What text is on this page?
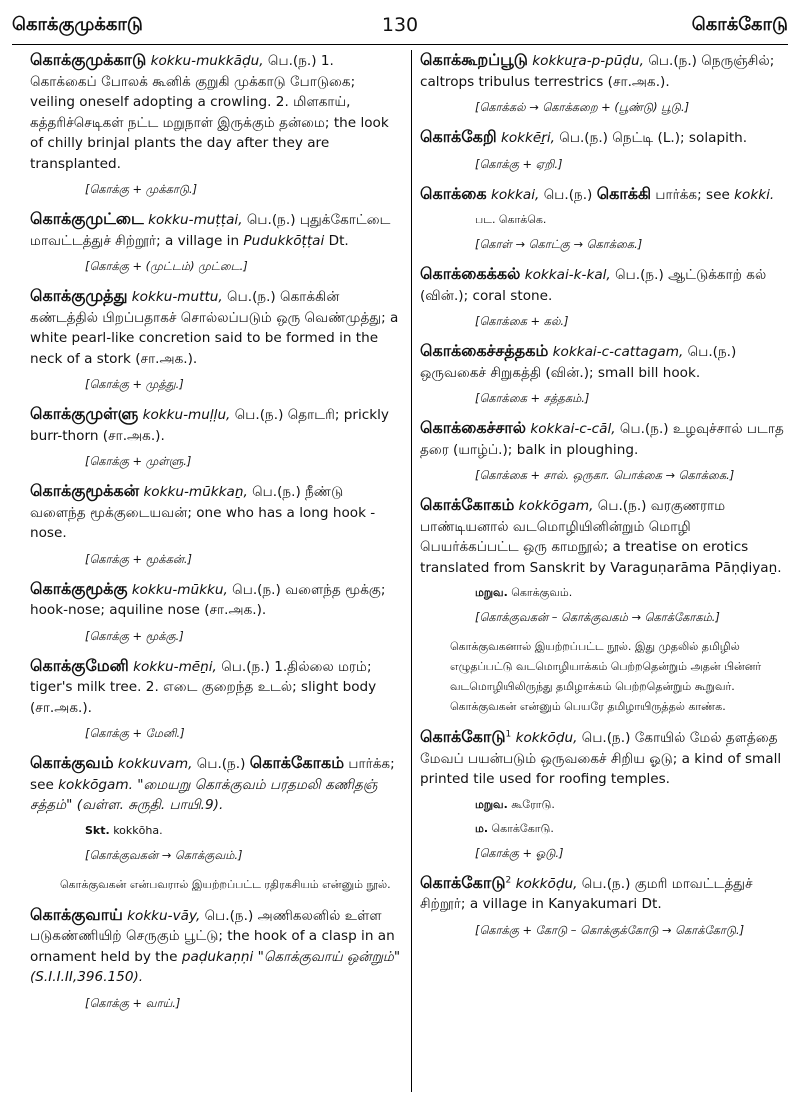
கொக்குமுக்காடு	130	கொக்கோடு
கொக்குமுக்காடு kokku-mukkāḍu, பெ.(ந.) 1. கொக்கைப் போலக் கூனிக் குறுகி முக்காடு போடுகை; veiling oneself adopting a crowling. 2. மிளகாய், கத்தரிச்செடிகள் நட்ட மறுநாள் இருக்கும் தன்மை; the look of chilly brinjal plants the day after they are transplanted.
[கொக்கு + முக்காடு.]
கொக்குமுட்டை kokku-muṭṭai, பெ.(ந.) புதுக்கோட்டை மாவட்டத்துச் சிற்றூர்; a village in Pudukkōṭṭai Dt.
[கொக்கு + (முட்டம்) முட்டை.]
கொக்குமுத்து kokku-muttu, பெ.(ந.) கொக்கின் கண்டத்தில் பிறப்பதாகச் சொல்லப்படும் ஒரு வெண்முத்து; a white pearl-like concretion said to be formed in the neck of a stork (சா.அக.).
[கொக்கு + முத்து.]
கொக்குமுள்ளு kokku-muḷḷu, பெ.(ந.) தொடரி; prickly burr-thorn (சா.அக.).
[கொக்கு + முள்ளு.]
கொக்குமூக்கன் kokku-mūkkaṉ, பெ.(ந.) நீண்டு வளைந்த மூக்குடையவன்; one who has a long hook - nose.
[கொக்கு + மூக்கன்.]
கொக்குமூக்கு kokku-mūkku, பெ.(ந.) வளைந்த மூக்கு; hook-nose; aquiline nose (சா.அக.).
[கொக்கு + மூக்கு.]
கொக்குமேனி kokku-mēṉi, பெ.(ந.) 1.தில்லை மரம்; tiger's milk tree. 2. எடை குறைந்த உடல்; slight body (சா.அக.).
[கொக்கு + மேனி.]
கொக்குவம் kokkuvam, பெ.(ந.) கொக்கோகம் பார்க்க; see kokkōgam. "மையறு கொக்குவம் பரதமலி கணிதஞ் சத்தம்" (வள்ள. சுருதி. பாயி.9).
Skt. kokkōha.
[கொக்குவகன் → கொக்குவம்.]
கொக்குவகன் என்பவரால் இயற்றப்பட்ட ரதிரகசியம் என்னும் நூல்.
கொக்குவாய் kokku-vāy, பெ.(ந.) அணிகலனில் உள்ள படுகண்ணியிற் செருகும் பூட்டு; the hook of a clasp in an ornament held by the paḍukaṇṇi "கொக்குவாய் ஒன்றும்" (S.I.I.II,396.150).
[கொக்கு + வாய்.]
கொக்கூறப்பூடு kokkuṟa-p-pūḍu, பெ.(ந.) நெருஞ்சில்; caltrops tribulus terrestrics (சா.அக.).
[கொக்கல் → கொக்கறை + (பூண்டு) பூடு.]
கொக்கேறி kokkēṟi, பெ.(ந.) நெட்டி (L.); solapith.
[கொக்கு + ஏறி.]
கொக்கை kokkai, பெ.(ந.) கொக்கி பார்க்க; see kokki.
பட. கொக்கெ.
[கொள் → கொட்கு → கொக்கை.]
கொக்கைக்கல் kokkai-k-kal, பெ.(ந.) ஆட்டுக்காற் கல் (வின்.); coral stone.
[கொக்கை + கல்.]
கொக்கைச்சத்தகம் kokkai-c-cattagam, பெ.(ந.) ஒருவகைச் சிறுகத்தி (வின்.); small bill hook.
[கொக்கை + சத்தகம்.]
கொக்கைச்சால் kokkai-c-cāl, பெ.(ந.) உழவுச்சால் படாத தரை (யாழ்ப்.); balk in ploughing.
[கொக்கை + சால். ஒருகா. பொக்கை → கொக்கை.]
கொக்கோகம் kokkōgam, பெ.(ந.) வரகுணராம பாண்டியனால் வடமொழியினின்றும் மொழி பெயர்க்கப்பட்ட ஒரு காமநூல்; a treatise on erotics translated from Sanskrit by Varaguṇarāma Pāṇḍiyaṉ.
மறுவ. கொக்குவம்.
[கொக்குவகன் – கொக்குவகம் → கொக்கோகம்.]
கொக்குவகனால் இயற்றப்பட்ட நூல். இது முதலில் தமிழில் எழுதப்பட்டு வடமொழியாக்கம் பெற்றதென்றும் அதன் பின்னர் வடமொழியிலிருந்து தமிழாக்கம் பெற்றதென்றும் கூறுவர். கொக்குவகன் என்னும் பெயரே தமிழாயிருத்தல் காண்க.
கொக்கோடு$^1$ kokkōḍu, பெ.(ந.) கோயில் மேல் தளத்தை மேவப் பயன்படும் ஒருவகைச் சிறிய ஓடு; a kind of small printed tile used for roofing temples.
மறுவ. கூரோடு.
ம. கொக்கோடு.
[கொக்கு + ஓடு.]
கொக்கோடு$^2$ kokkōḍu, பெ.(ந.) குமரி மாவட்டத்துச் சிற்றூர்; a village in Kanyakumari Dt.
[கொக்கு + கோடு – கொக்குக்கோடு → கொக்கோடு.]
